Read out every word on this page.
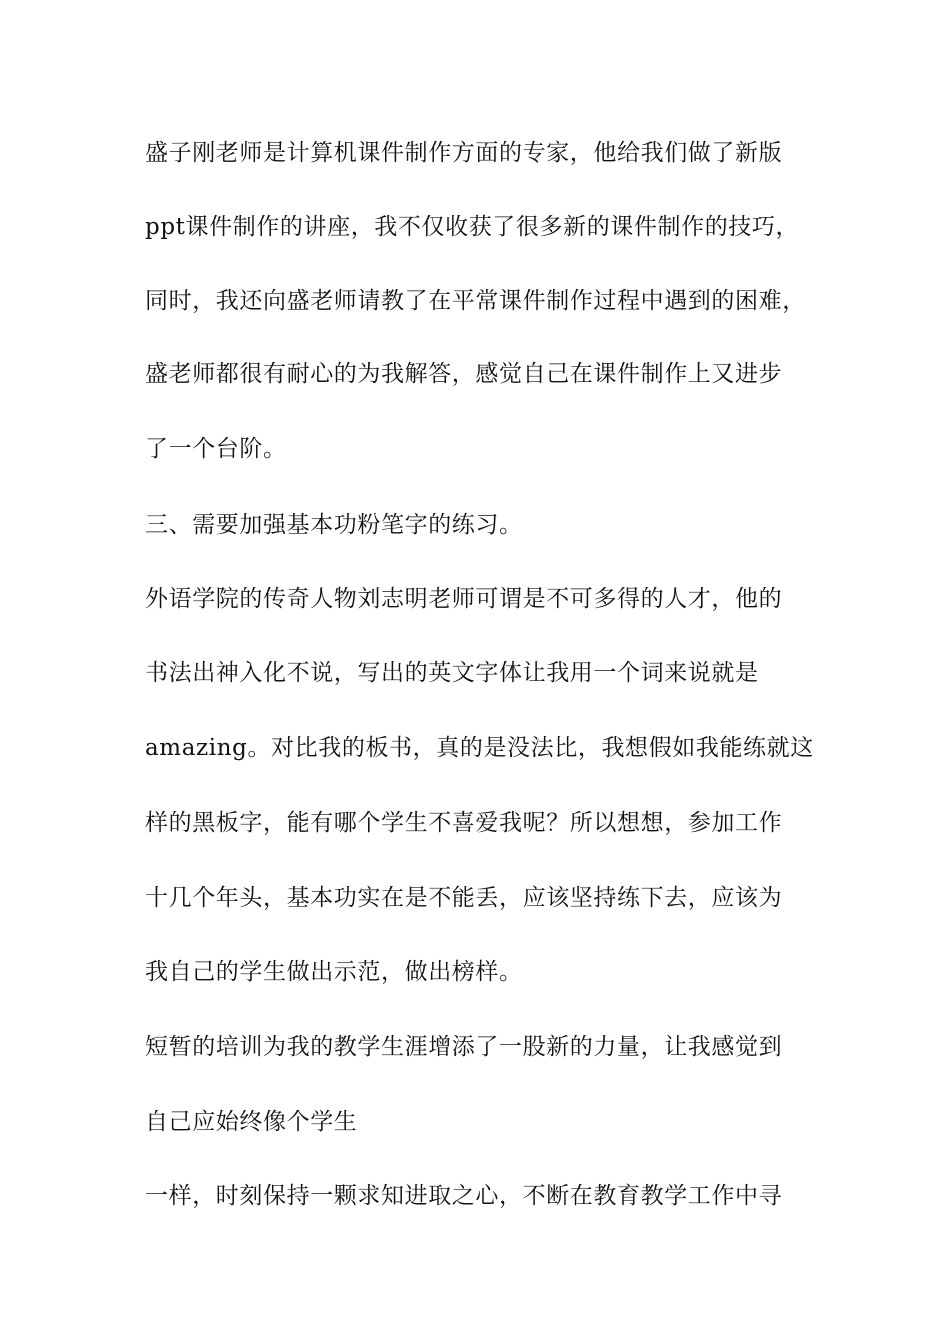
盛子刚老师是计算机课件制作方面的专家，他给我们做了新版

ppt课件制作的讲座，我不仅收获了很多新的课件制作的技巧，

同时，我还向盛老师请教了在平常课件制作过程中遇到的困难，

盛老师都很有耐心的为我解答，感觉自己在课件制作上又进步

了一个台阶。

三、需要加强基本功粉笔字的练习。

外语学院的传奇人物刘志明老师可谓是不可多得的人才，他的

书法出神入化不说，写出的英文字体让我用一个词来说就是

amazing。对比我的板书，真的是没法比，我想假如我能练就这

样的黑板字，能有哪个学生不喜爱我呢？所以想想，参加工作

十几个年头，基本功实在是不能丢，应该坚持练下去，应该为

我自己的学生做出示范，做出榜样。

短暂的培训为我的教学生涯增添了一股新的力量，让我感觉到

自己应始终像个学生

一样，时刻保持一颗求知进取之心，不断在教育教学工作中寻
